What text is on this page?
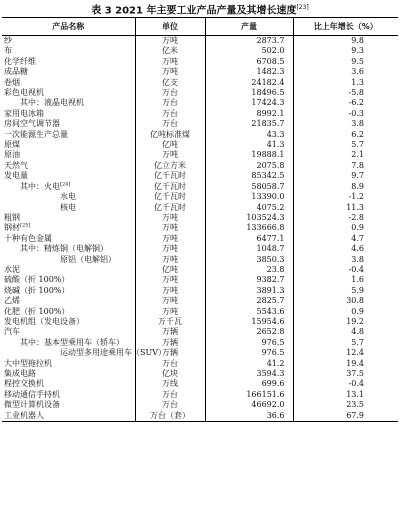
表 3 2021 年主要工业产品产量及其增长速度[23]
产品名称	单位	产量	比上年增长（%）
纱	万吨	2873.7	9.8
布	亿米	502.0	9.3
化学纤维	万吨	6708.5	9.5
成品糖	万吨	1482.3	3.6
卷烟	亿支	24182.4	1.3
彩色电视机	万台	18496.5	-5.8
其中：液晶电视机	万台	17424.3	-6.2
家用电冰箱	万台	8992.1	-0.3
房间空气调节器	万台	21835.7	3.8
一次能源生产总量	亿吨标准煤	43.3	6.2
原煤	亿吨	41.3	5.7
原油	万吨	19888.1	2.1
天然气	亿立方米	2075.8	7.8
发电量	亿千瓦时	85342.5	9.7
其中：火电[24]	亿千瓦时	58058.7	8.9
水电	亿千瓦时	13390.0	-1.2
核电	亿千瓦时	4075.2	11.3
粗钢	万吨	103524.3	-2.8
钢材[25]	万吨	133666.8	0.9
十种有色金属	万吨	6477.1	4.7
其中：精炼铜（电解铜）	万吨	1048.7	4.6
原铝（电解铝）	万吨	3850.3	3.8
水泥	亿吨	23.8	-0.4
硫酸（折 100%）	万吨	9382.7	1.6
烧碱（折 100%）	万吨	3891.3	5.9
乙烯	万吨	2825.7	30.8
化肥（折 100%）	万吨	5543.6	0.9
发电机组（发电设备）	万千瓦	15954.6	19.2
汽车	万辆	2652.8	4.8
其中：基本型乘用车（轿车）	万辆	976.5	5.7
运动型多用途乘用车（SUV）	万辆	976.5	12.4
大中型拖拉机	万台	41.2	19.4
集成电路	亿块	3594.3	37.5
程控交换机	万线	699.6	-0.4
移动通信手持机	万台	166151.6	13.1
微型计算机设备	万台	46692.0	23.5
工业机器人	万台（套）	36.6	67.9
